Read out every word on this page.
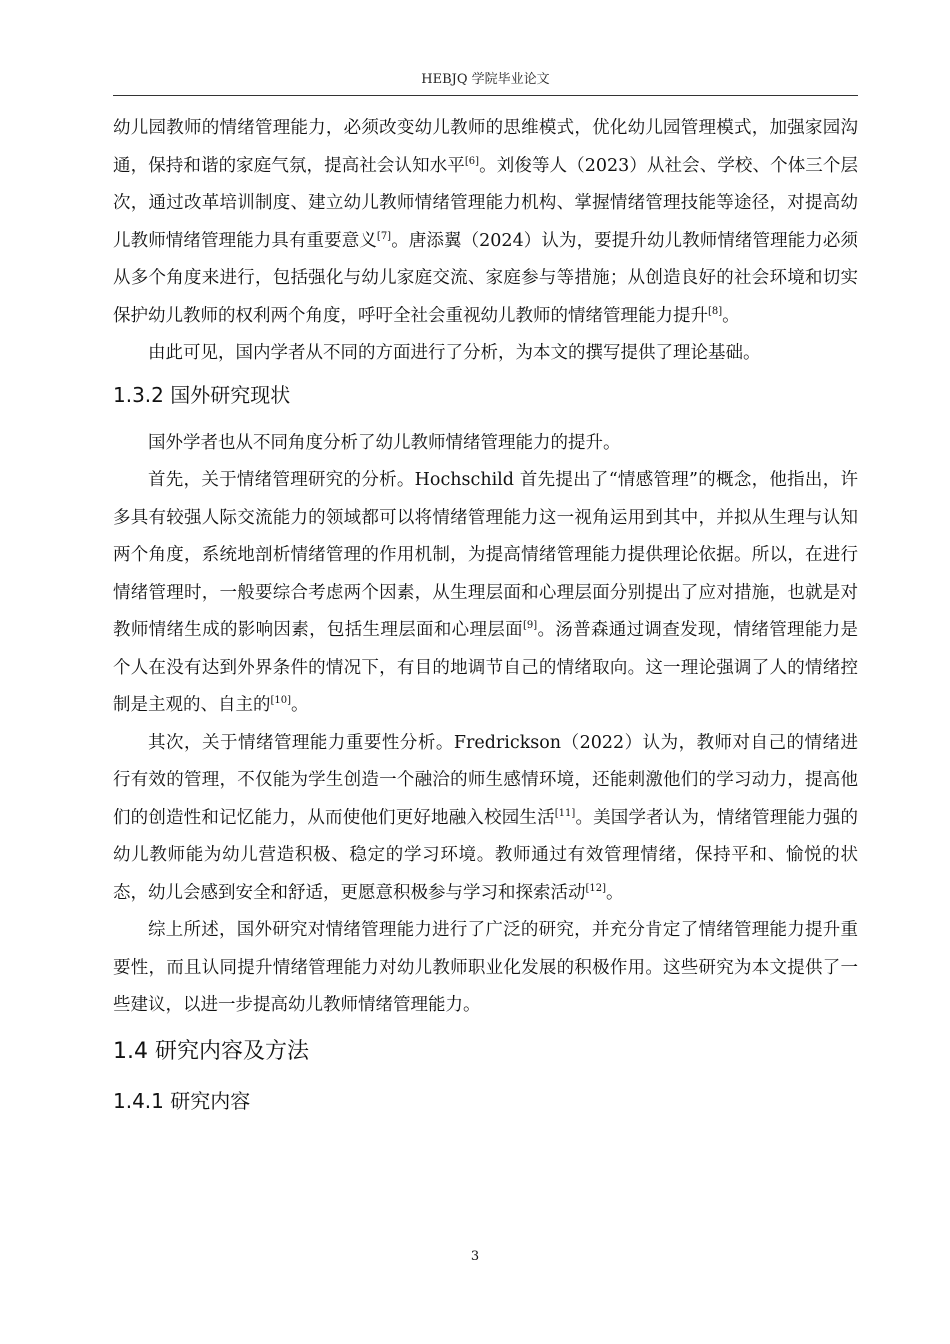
HEBJQ 学院毕业论文

幼儿园教师的情绪管理能力，必须改变幼儿教师的思维模式，优化幼儿园管理模式，加强家园沟通，保持和谐的家庭气氛，提高社会认知水平[6]。刘俊等人（2023）从社会、学校、个体三个层次，通过改革培训制度、建立幼儿教师情绪管理能力机构、掌握情绪管理技能等途径，对提高幼儿教师情绪管理能力具有重要意义[7]。唐添翼（2024）认为，要提升幼儿教师情绪管理能力必须从多个角度来进行，包括强化与幼儿家庭交流、家庭参与等措施；从创造良好的社会环境和切实保护幼儿教师的权利两个角度，呼吁全社会重视幼儿教师的情绪管理能力提升[8]。

由此可见，国内学者从不同的方面进行了分析，为本文的撰写提供了理论基础。

1.3.2 国外研究现状

国外学者也从不同角度分析了幼儿教师情绪管理能力的提升。

首先，关于情绪管理研究的分析。Hochschild 首先提出了“情感管理”的概念，他指出，许多具有较强人际交流能力的领域都可以将情绪管理能力这一视角运用到其中，并拟从生理与认知两个角度，系统地剖析情绪管理的作用机制，为提高情绪管理能力提供理论依据。所以，在进行情绪管理时，一般要综合考虑两个因素，从生理层面和心理层面分别提出了应对措施，也就是对教师情绪生成的影响因素，包括生理层面和心理层面[9]。汤普森通过调查发现，情绪管理能力是个人在没有达到外界条件的情况下，有目的地调节自己的情绪取向。这一理论强调了人的情绪控制是主观的、自主的[10]。

其次，关于情绪管理能力重要性分析。Fredrickson（2022）认为，教师对自己的情绪进行有效的管理，不仅能为学生创造一个融洽的师生感情环境，还能刺激他们的学习动力，提高他们的创造性和记忆能力，从而使他们更好地融入校园生活[11]。美国学者认为，情绪管理能力强的幼儿教师能为幼儿营造积极、稳定的学习环境。教师通过有效管理情绪，保持平和、愉悦的状态，幼儿会感到安全和舒适，更愿意积极参与学习和探索活动[12]。

综上所述，国外研究对情绪管理能力进行了广泛的研究，并充分肯定了情绪管理能力提升重要性，而且认同提升情绪管理能力对幼儿教师职业化发展的积极作用。这些研究为本文提供了一些建议，以进一步提高幼儿教师情绪管理能力。

1.4 研究内容及方法
1.4.1 研究内容
3
